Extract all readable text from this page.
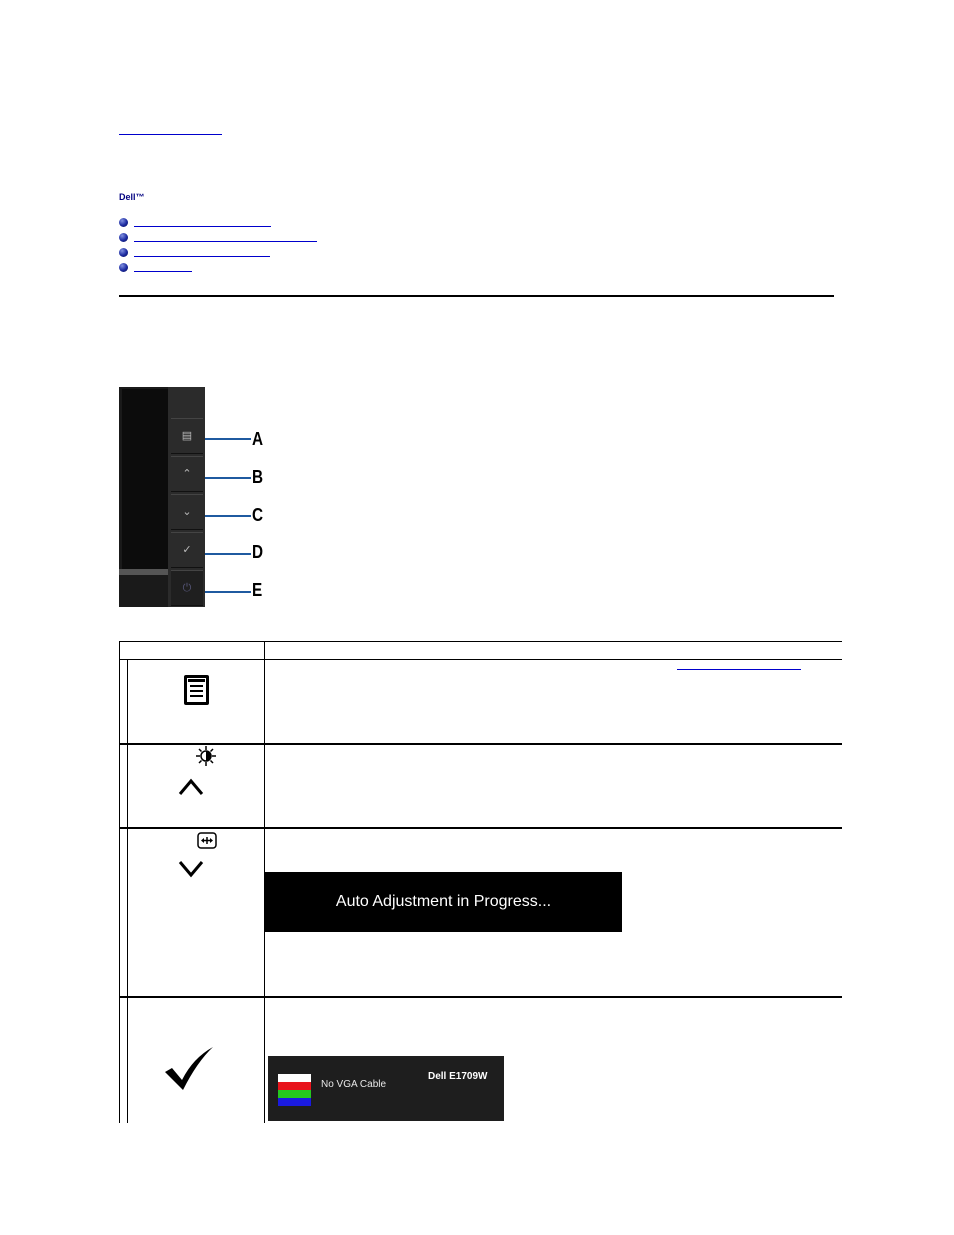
Dell™
▤
⌃
⌄
✓
⏻
A
B
C
D
E
Auto Adjustment in Progress...
No VGA Cable
Dell E1709W
